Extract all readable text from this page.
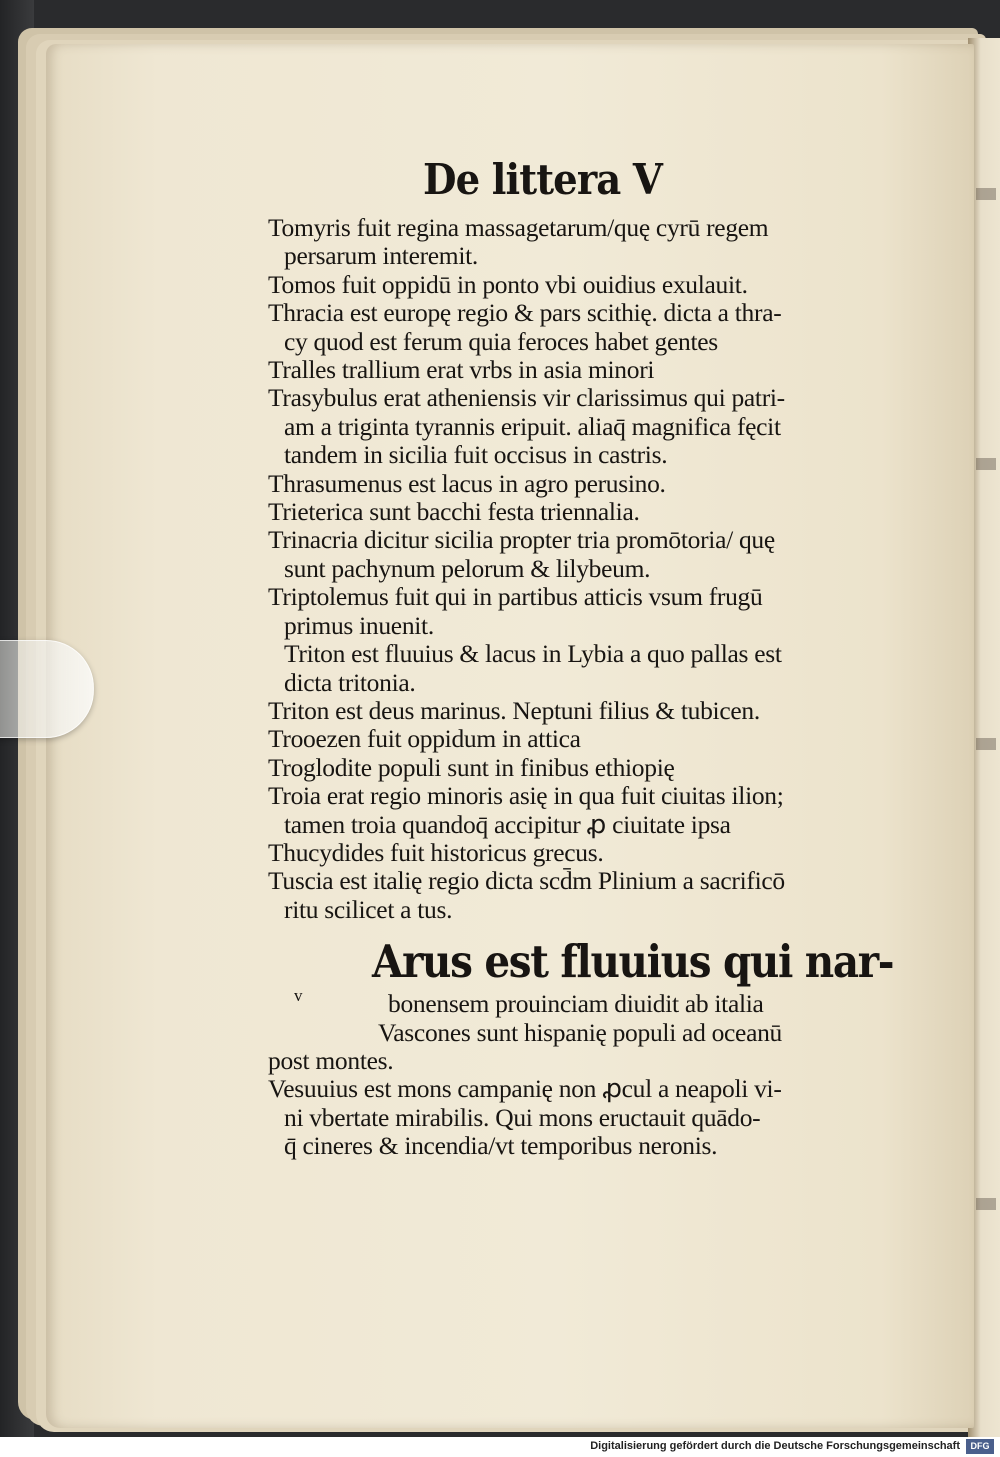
De littera V
Tomyris fuit regina massagetarum/quę cyrū regem
persarum interemit.
Tomos fuit oppidū in ponto vbi ouidius exulauit.
Thracia est europę regio & pars scithię. dicta a thra-
cy quod est ferum quia feroces habet gentes
Tralles trallium erat vrbs in asia minori
Trasybulus erat atheniensis vir clarissimus qui patri-
am a triginta tyrannis eripuit. aliaq̄ magnifica fęcit
tandem in sicilia fuit occisus in castris.
Thrasumenus est lacus in agro perusino.
Trieterica sunt bacchi festa triennalia.
Trinacria dicitur sicilia propter tria promōtoria/ quę
sunt pachynum pelorum & lilybeum.
Triptolemus fuit qui in partibus atticis vsum frugū
primus inuenit.
Triton est fluuius & lacus in Lybia a quo pallas est
dicta tritonia.
Triton est deus marinus. Neptuni filius & tubicen.
Trooezen fuit oppidum in attica
Troglodite populi sunt in finibus ethiopię
Troia erat regio minoris asię in qua fuit ciuitas ilion;
tamen troia quandoq̄ accipitur ꝓ ciuitate ipsa
Thucydides fuit historicus grecus.
Tuscia est italię regio dicta scd̄m Plinium a sacrificō
ritu scilicet a tus.
Arus est fluuius qui nar-
v	bonensem prouinciam diuidit ab italia
Vascones sunt hispanię populi ad oceanū
post montes.
Vesuuius est mons campanię non ꝓcul a neapoli vi-
ni vbertate mirabilis. Qui mons eructauit quādo-
q̄ cineres & incendia/vt temporibus neronis.
Digitalisierung gefördert durch die Deutsche Forschungsgemeinschaft	DFG
